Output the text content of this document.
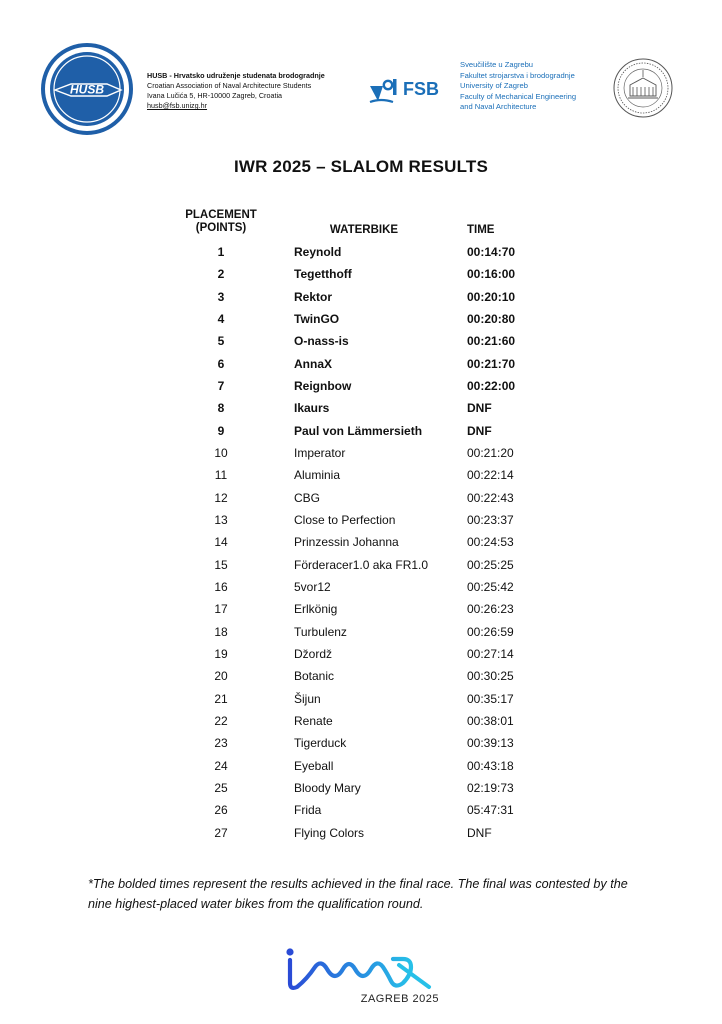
HUSB
HUSB - Hrvatsko udruženje studenata brodogradnje
Croatian Association of Naval Architecture Students
Ivana Lučića 5, HR-10000 Zagreb, Croatia
husb@fsb.unizg.hr
FSB
Sveučilište u Zagrebu
Fakultet strojarstva i brodogradnje
University of Zagreb
Faculty of Mechanical Engineering
and Naval Architecture
IWR 2025 – SLALOM RESULTS
PLACEMENT
(POINTS)	WATERBIKE	TIME
1	Reynold	00:14:70
2	Tegetthoff	00:16:00
3	Rektor	00:20:10
4	TwinGO	00:20:80
5	O-nass-is	00:21:60
6	AnnaX	00:21:70
7	Reignbow	00:22:00
8	Ikaurs	DNF
9	Paul von Lämmersieth	DNF
10	Imperator	00:21:20
11	Aluminia	00:22:14
12	CBG	00:22:43
13	Close to Perfection	00:23:37
14	Prinzessin Johanna	00:24:53
15	Förderacer1.0 aka FR1.0	00:25:25
16	5vor12	00:25:42
17	Erlkönig	00:26:23
18	Turbulenz	00:26:59
19	Džordž	00:27:14
20	Botanic	00:30:25
21	Šijun	00:35:17
22	Renate	00:38:01
23	Tigerduck	00:39:13
24	Eyeball	00:43:18
25	Bloody Mary	02:19:73
26	Frida	05:47:31
27	Flying Colors	DNF
*The bolded times represent the results achieved in the final race. The final was contested by the nine highest-placed water bikes from the qualification round.
IWR
ZAGREB 2025
